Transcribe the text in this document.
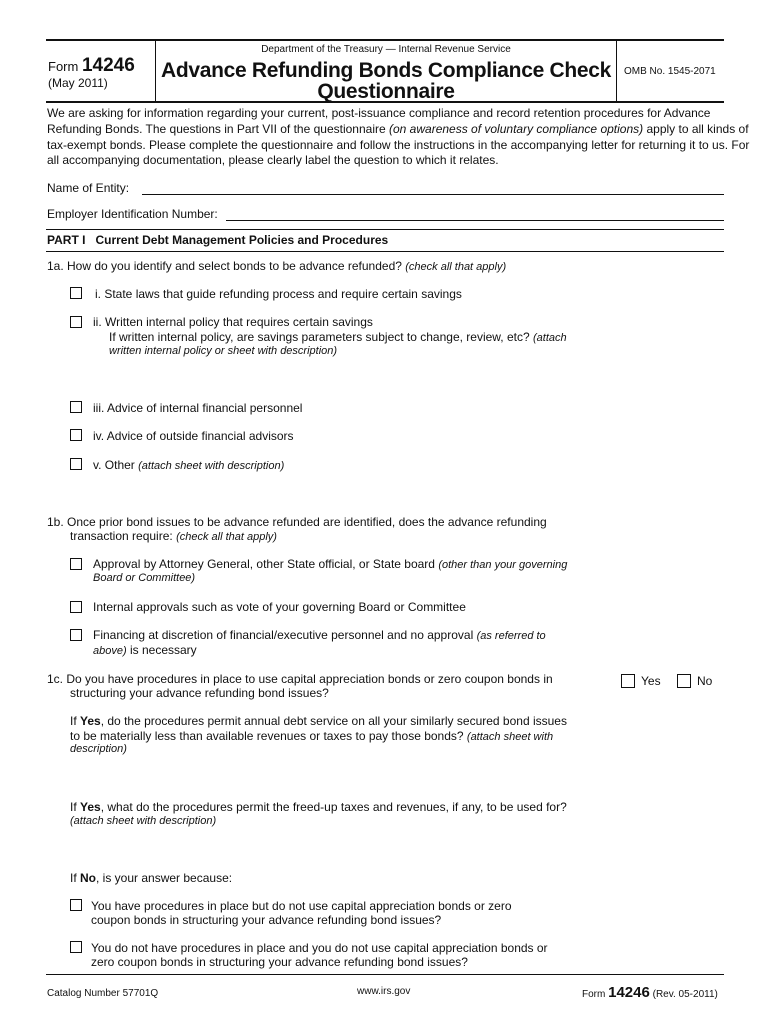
Form 14246
(May 2011)
Department of the Treasury — Internal Revenue Service
Advance Refunding Bonds Compliance Check
Questionnaire
OMB No. 1545-2071
We are asking for information regarding your current, post-issuance compliance and record retention procedures for Advance
Refunding Bonds. The questions in Part VII of the questionnaire (on awareness of voluntary compliance options) apply to all kinds of
tax-exempt bonds. Please complete the questionnaire and follow the instructions in the accompanying letter for returning it to us. For
all accompanying documentation, please clearly label the question to which it relates.
Name of Entity:
Employer Identification Number:
PART I Current Debt Management Policies and Procedures
1a. How do you identify and select bonds to be advance refunded? (check all that apply)
i. State laws that guide refunding process and require certain savings
ii. Written internal policy that requires certain savings
If written internal policy, are savings parameters subject to change, review, etc? (attach
written internal policy or sheet with description)
iii. Advice of internal financial personnel
iv. Advice of outside financial advisors
v. Other (attach sheet with description)
1b. Once prior bond issues to be advance refunded are identified, does the advance refunding
transaction require: (check all that apply)
Approval by Attorney General, other State official, or State board (other than your governing
Board or Committee)
Internal approvals such as vote of your governing Board or Committee
Financing at discretion of financial/executive personnel and no approval (as referred to
above) is necessary
1c. Do you have procedures in place to use capital appreciation bonds or zero coupon bonds in
structuring your advance refunding bond issues?
Yes	No
If Yes, do the procedures permit annual debt service on all your similarly secured bond issues
to be materially less than available revenues or taxes to pay those bonds? (attach sheet with
description)
If Yes, what do the procedures permit the freed-up taxes and revenues, if any, to be used for?
(attach sheet with description)
If No, is your answer because:
You have procedures in place but do not use capital appreciation bonds or zero
coupon bonds in structuring your advance refunding bond issues?
You do not have procedures in place and you do not use capital appreciation bonds or
zero coupon bonds in structuring your advance refunding bond issues?
Catalog Number 57701Q	www.irs.gov	Form 14246 (Rev. 05-2011)
